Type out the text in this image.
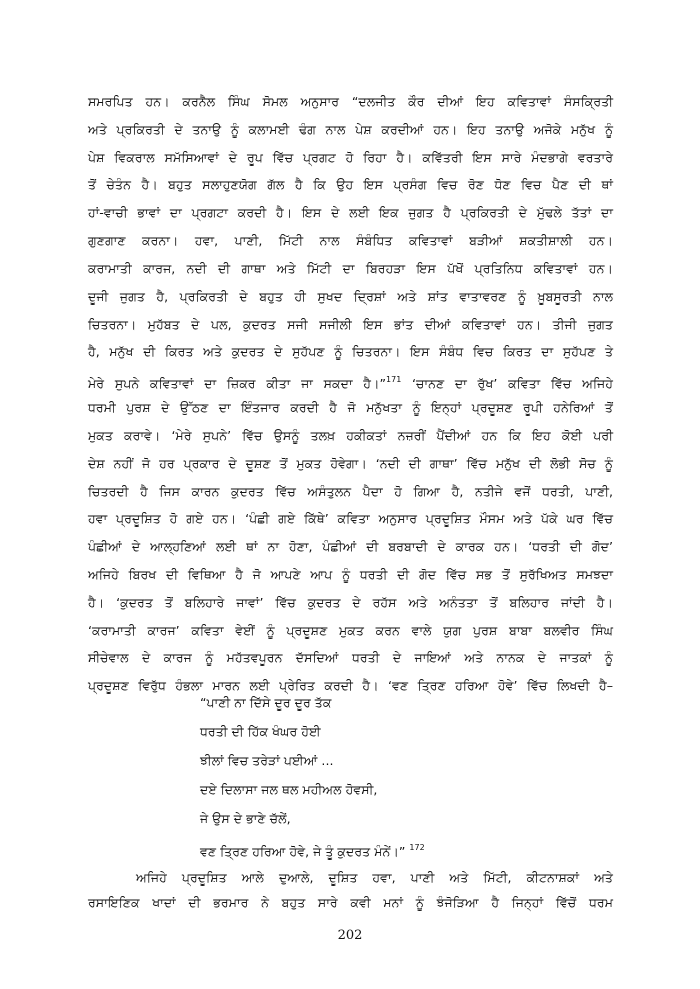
ਸਮਰਪਿਤ ਹਨ। ਕਰਨੈਲ ਸਿੰਘ ਸੋਮਲ ਅਨੁਸਾਰ “ਦਲਜੀਤ ਕੌਰ ਦੀਆਂ ਇਹ ਕਵਿਤਾਵਾਂ ਸੰਸਕ੍ਰਿਤੀ
ਅਤੇ ਪ੍ਰਕਿਰਤੀ ਦੇ ਤਨਾਉ ਨੂੰ ਕਲਾਮਈ ਢੰਗ ਨਾਲ ਪੇਸ਼ ਕਰਦੀਆਂ ਹਨ। ਇਹ ਤਨਾਉ ਅਜੋਕੇ ਮਨੁੱਖ ਨੂੰ
ਪੇਸ਼ ਵਿਕਰਾਲ ਸਮੱਸਿਆਵਾਂ ਦੇ ਰੂਪ ਵਿੱਚ ਪ੍ਰਗਟ ਹੋ ਰਿਹਾ ਹੈ। ਕਵਿੱਤਰੀ ਇਸ ਸਾਰੇ ਮੰਦਭਾਗੇ ਵਰਤਾਰੇ
ਤੋਂ ਚੇਤੰਨ ਹੈ। ਬਹੁਤ ਸਲਾਹੁਣਯੋਗ ਗੱਲ ਹੈ ਕਿ ਉਹ ਇਸ ਪ੍ਰਸੰਗ ਵਿਚ ਰੋਣ ਧੋਣ ਵਿਚ ਪੈਣ ਦੀ ਥਾਂ
ਹਾਂ-ਵਾਚੀ ਭਾਵਾਂ ਦਾ ਪ੍ਰਗਟਾ ਕਰਦੀ ਹੈ। ਇਸ ਦੇ ਲਈ ਇਕ ਜੁਗਤ ਹੈ ਪ੍ਰਕਿਰਤੀ ਦੇ ਮੁੱਢਲੇ ਤੱਤਾਂ ਦਾ
ਗੁਣਗਾਣ ਕਰਨਾ। ਹਵਾ, ਪਾਣੀ, ਮਿੱਟੀ ਨਾਲ ਸੰਬੰਧਿਤ ਕਵਿਤਾਵਾਂ ਬੜੀਆਂ ਸ਼ਕਤੀਸ਼ਾਲੀ ਹਨ।
ਕਰਾਮਾਤੀ ਕਾਰਜ, ਨਦੀ ਦੀ ਗਾਥਾ ਅਤੇ ਮਿੱਟੀ ਦਾ ਬਿਰਹੜਾ ਇਸ ਪੱਖੋਂ ਪ੍ਰਤਿਨਿਧ ਕਵਿਤਾਵਾਂ ਹਨ।
ਦੂਜੀ ਜੁਗਤ ਹੈ, ਪ੍ਰਕਿਰਤੀ ਦੇ ਬਹੁਤ ਹੀ ਸੁਖਦ ਦ੍ਰਿਸ਼ਾਂ ਅਤੇ ਸ਼ਾਂਤ ਵਾਤਾਵਰਣ ਨੂੰ ਖ਼ੂਬਸੂਰਤੀ ਨਾਲ
ਚਿਤਰਨਾ। ਮੁਹੱਬਤ ਦੇ ਪਲ, ਕੁਦਰਤ ਸਜੀ ਸਜੀਲੀ ਇਸ ਭਾਂਤ ਦੀਆਂ ਕਵਿਤਾਵਾਂ ਹਨ। ਤੀਜੀ ਜੁਗਤ
ਹੈ, ਮਨੁੱਖ ਦੀ ਕਿਰਤ ਅਤੇ ਕੁਦਰਤ ਦੇ ਸੁਹੱਪਣ ਨੂੰ ਚਿਤਰਨਾ। ਇਸ ਸੰਬੰਧ ਵਿਚ ਕਿਰਤ ਦਾ ਸੁਹੱਪਣ ਤੇ
ਮੇਰੇ ਸੁਪਨੇ ਕਵਿਤਾਵਾਂ ਦਾ ਜ਼ਿਕਰ ਕੀਤਾ ਜਾ ਸਕਦਾ ਹੈ।”$^{171}$ ‘ਚਾਨਣ ਦਾ ਰੁੱਖ’ ਕਵਿਤਾ ਵਿੱਚ ਅਜਿਹੇ
ਧਰਮੀ ਪੁਰਸ਼ ਦੇ ਉੱਠਣ ਦਾ ਇੰਤਜਾਰ ਕਰਦੀ ਹੈ ਜੋ ਮਨੁੱਖਤਾ ਨੂੰ ਇਨ੍ਹਾਂ ਪ੍ਰਦੂਸ਼ਣ ਰੂਪੀ ਹਨੇਰਿਆਂ ਤੋਂ
ਮੁਕਤ ਕਰਾਵੇ। ‘ਮੇਰੇ ਸੁਪਨੇ’ ਵਿੱਚ ਉਸਨੂੰ ਤਲਖ਼ ਹਕੀਕਤਾਂ ਨਜ਼ਰੀਂ ਪੈਂਦੀਆਂ ਹਨ ਕਿ ਇਹ ਕੋਈ ਪਰੀ
ਦੇਸ਼ ਨਹੀਂ ਜੋ ਹਰ ਪ੍ਰਕਾਰ ਦੇ ਦੂਸ਼ਣ ਤੋਂ ਮੁਕਤ ਹੋਵੇਗਾ। ‘ਨਦੀ ਦੀ ਗਾਥਾ’ ਵਿੱਚ ਮਨੁੱਖ ਦੀ ਲੋਭੀ ਸੋਚ ਨੂੰ
ਚਿਤਰਦੀ ਹੈ ਜਿਸ ਕਾਰਨ ਕੁਦਰਤ ਵਿੱਚ ਅਸੰਤੁਲਨ ਪੈਦਾ ਹੋ ਗਿਆ ਹੈ, ਨਤੀਜੇ ਵਜੋਂ ਧਰਤੀ, ਪਾਣੀ,
ਹਵਾ ਪ੍ਰਦੂਸ਼ਿਤ ਹੋ ਗਏ ਹਨ। ‘ਪੰਛੀ ਗਏ ਕਿੱਥੇ’ ਕਵਿਤਾ ਅਨੁਸਾਰ ਪ੍ਰਦੂਸ਼ਿਤ ਮੌਸਮ ਅਤੇ ਪੱਕੇ ਘਰ ਵਿੱਚ
ਪੰਛੀਆਂ ਦੇ ਆਲ੍ਹਣਿਆਂ ਲਈ ਥਾਂ ਨਾ ਹੋਣਾ, ਪੰਛੀਆਂ ਦੀ ਬਰਬਾਦੀ ਦੇ ਕਾਰਕ ਹਨ। ‘ਧਰਤੀ ਦੀ ਗੋਦ’
ਅਜਿਹੇ ਬਿਰਖ ਦੀ ਵਿਥਿਆ ਹੈ ਜੋ ਆਪਣੇ ਆਪ ਨੂੰ ਧਰਤੀ ਦੀ ਗੋਦ ਵਿੱਚ ਸਭ ਤੋਂ ਸੁਰੱਖਿਅਤ ਸਮਝਦਾ
ਹੈ। ‘ਕੁਦਰਤ ਤੋਂ ਬਲਿਹਾਰੇ ਜਾਵਾਂ’ ਵਿੱਚ ਕੁਦਰਤ ਦੇ ਰਹੱਸ ਅਤੇ ਅਨੰਤਤਾ ਤੋਂ ਬਲਿਹਾਰ ਜਾਂਦੀ ਹੈ।
‘ਕਰਾਮਾਤੀ ਕਾਰਜ’ ਕਵਿਤਾ ਵੇਈਂ ਨੂੰ ਪ੍ਰਦੂਸ਼ਣ ਮੁਕਤ ਕਰਨ ਵਾਲੇ ਯੁਗ ਪੁਰਸ਼ ਬਾਬਾ ਬਲਵੀਰ ਸਿੰਘ
ਸੀਚੇਵਾਲ ਦੇ ਕਾਰਜ ਨੂੰ ਮਹੱਤਵਪੂਰਨ ਦੱਸਦਿਆਂ ਧਰਤੀ ਦੇ ਜਾਇਆਂ ਅਤੇ ਨਾਨਕ ਦੇ ਜਾਤਕਾਂ ਨੂੰ
ਪ੍ਰਦੂਸ਼ਣ ਵਿਰੁੱਧ ਹੰਭਲਾ ਮਾਰਨ ਲਈ ਪ੍ਰੇਰਿਤ ਕਰਦੀ ਹੈ। ‘ਵਣ ਤ੍ਰਿਣ ਹਰਿਆ ਹੋਵੇ’ ਵਿੱਚ ਲਿਖਦੀ ਹੈ–
“ਪਾਣੀ ਨਾ ਦਿੱਸੇ ਦੂਰ ਦੂਰ ਤੱਕ
ਧਰਤੀ ਦੀ ਹਿੱਕ ਖੰਘਰ ਹੋਈ
ਝੀਲਾਂ ਵਿਚ ਤਰੇੜਾਂ ਪਈਆਂ ...
ਦਏ ਦਿਲਾਸਾ ਜਲ ਥਲ ਮਹੀਅਲ ਹੋਵਸੀ,
ਜੇ ਉਸ ਦੇ ਭਾਣੇ ਚੱਲੇਂ,
ਵਣ ਤ੍ਰਿਣ ਹਰਿਆ ਹੋਵੇ, ਜੇ ਤੂੰ ਕੁਦਰਤ ਮੰਨੇਂ।” $^{172}$
ਅਜਿਹੇ ਪ੍ਰਦੂਸ਼ਿਤ ਆਲੇ ਦੁਆਲੇ, ਦੂਸ਼ਿਤ ਹਵਾ, ਪਾਣੀ ਅਤੇ ਮਿੱਟੀ, ਕੀਟਨਾਸ਼ਕਾਂ ਅਤੇ
ਰਸਾਇਣਿਕ ਖਾਦਾਂ ਦੀ ਭਰਮਾਰ ਨੇ ਬਹੁਤ ਸਾਰੇ ਕਵੀ ਮਨਾਂ ਨੂੰ ਝੰਜੋੜਿਆ ਹੈ ਜਿਨ੍ਹਾਂ ਵਿੱਚੋਂ ਧਰਮ
202
